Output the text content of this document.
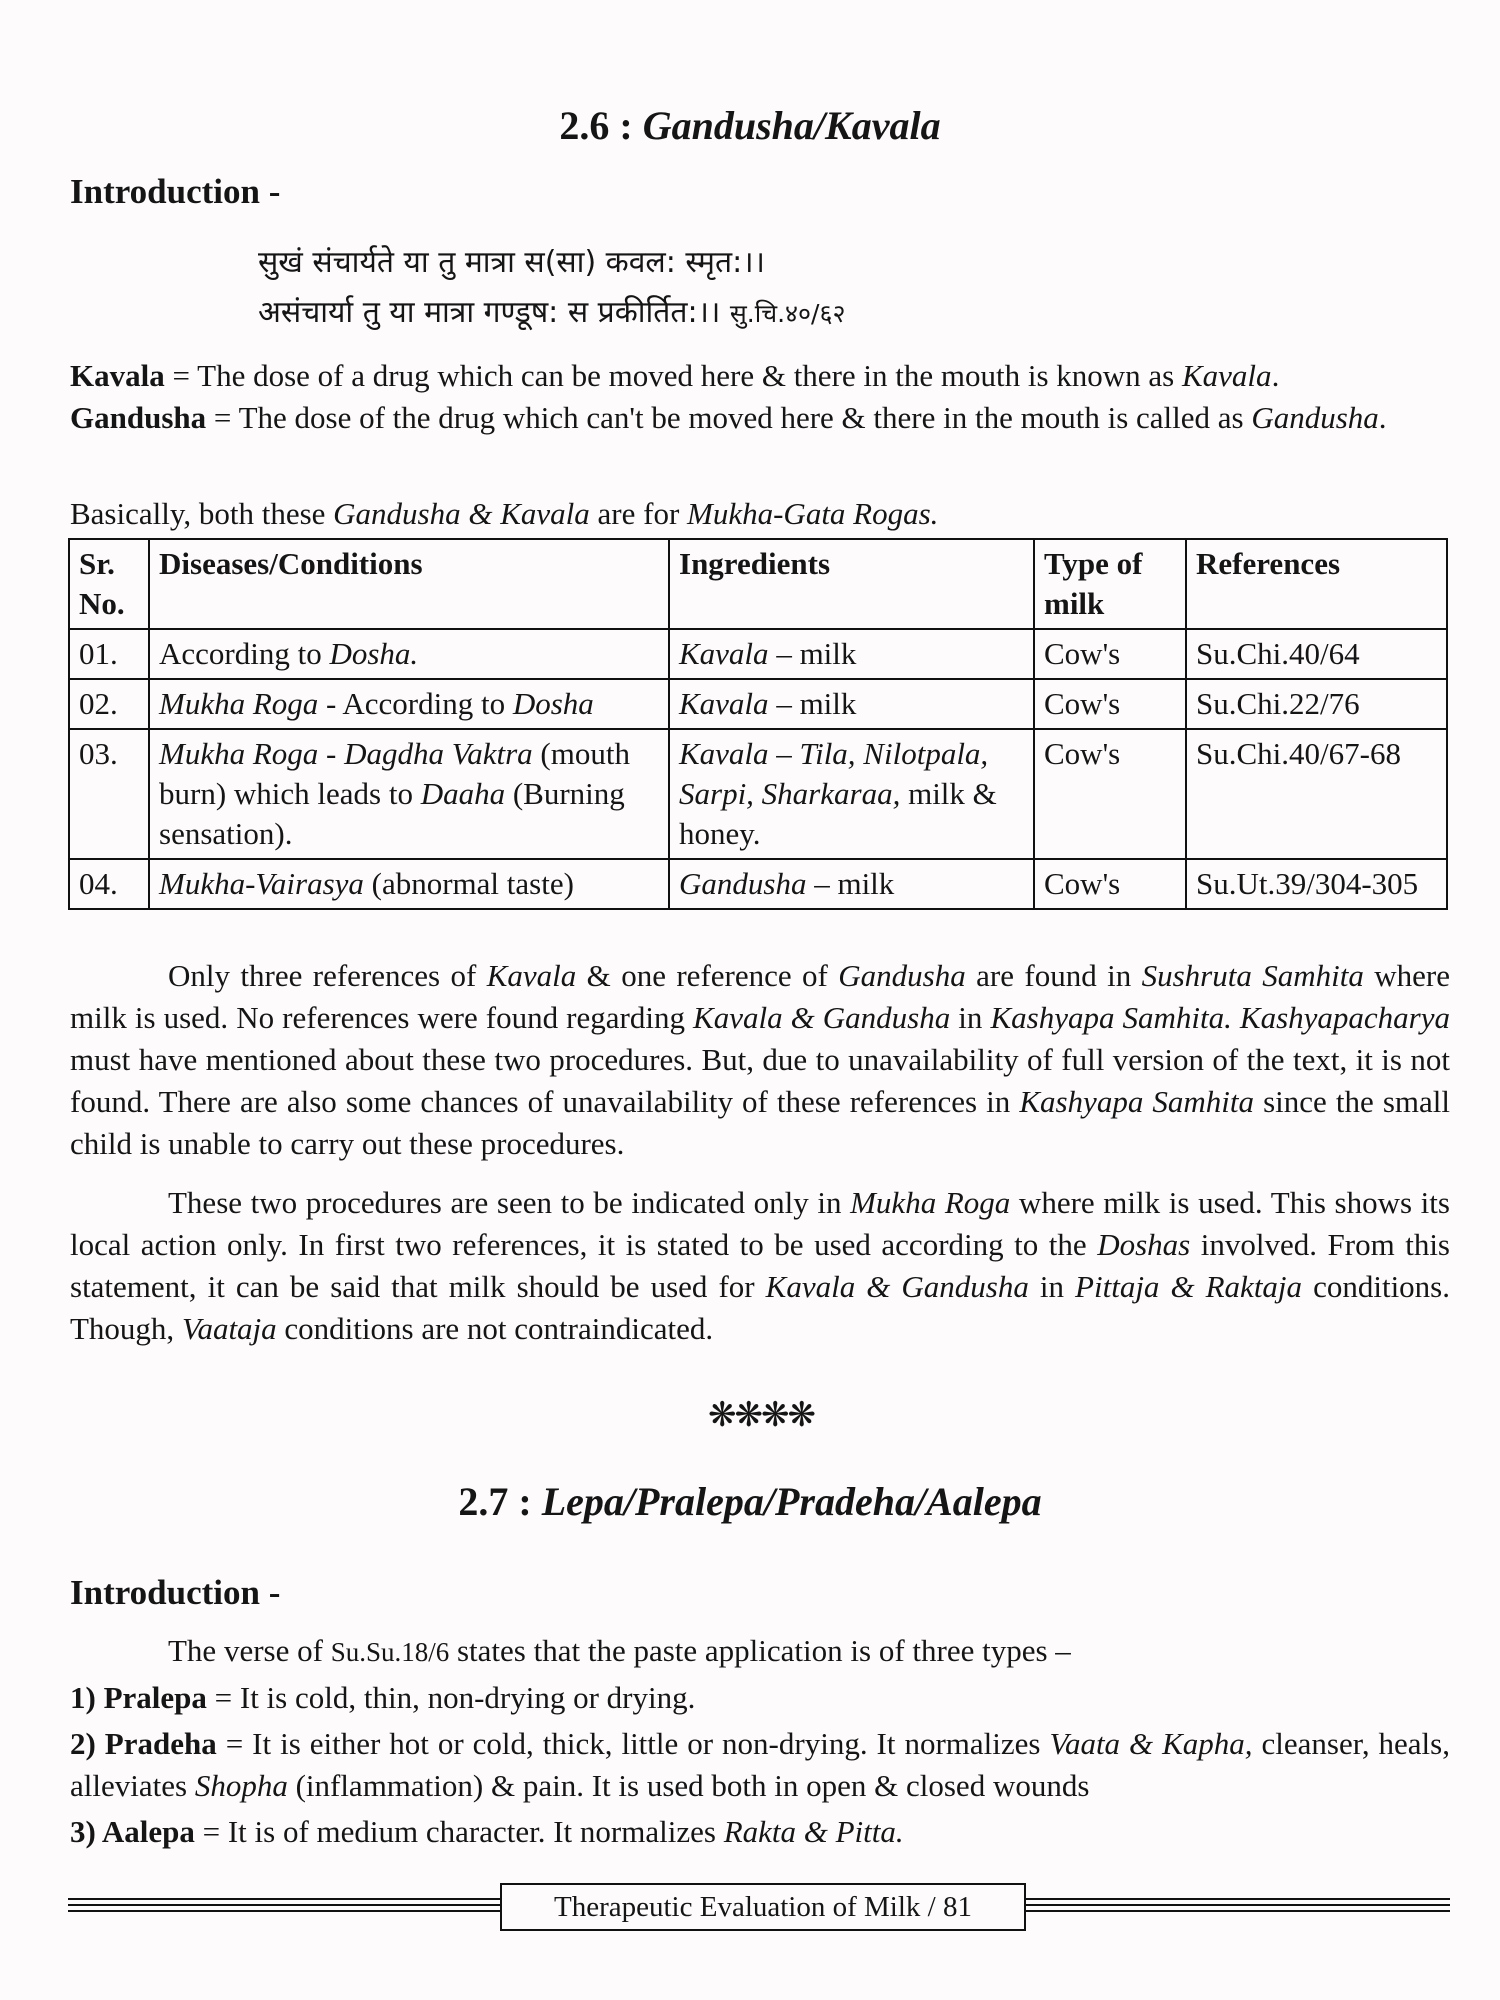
2.6 : Gandusha/Kavala
Introduction -
सुखं संचार्यते या तु मात्रा स(सा) कवल: स्मृत:।।
असंचार्या तु या मात्रा गण्डूष: स प्रकीर्तित:।। सु.चि.४०/६२
Kavala = The dose of a drug which can be moved here & there in the mouth is known as Kavala.
Gandusha = The dose of the drug which can't be moved here & there in the mouth is called as Gandusha.
Basically, both these Gandusha & Kavala are for Mukha-Gata Rogas.
Sr. No.	Diseases/Conditions	Ingredients	Type of milk	References
01.	According to Dosha.	Kavala – milk	Cow's	Su.Chi.40/64
02.	Mukha Roga - According to Dosha	Kavala – milk	Cow's	Su.Chi.22/76
03.	Mukha Roga - Dagdha Vaktra (mouth burn) which leads to Daaha (Burning sensation).	Kavala – Tila, Nilotpala, Sarpi, Sharkaraa, milk & honey.	Cow's	Su.Chi.40/67-68
04.	Mukha-Vairasya (abnormal taste)	Gandusha – milk	Cow's	Su.Ut.39/304-305
Only three references of Kavala & one reference of Gandusha are found in Sushruta Samhita where milk is used. No references were found regarding Kavala & Gandusha in Kashyapa Samhita. Kashyapacharya must have mentioned about these two procedures. But, due to unavailability of full version of the text, it is not found. There are also some chances of unavailability of these references in Kashyapa Samhita since the small child is unable to carry out these procedures.
These two procedures are seen to be indicated only in Mukha Roga where milk is used. This shows its local action only. In first two references, it is stated to be used according to the Doshas involved. From this statement, it can be said that milk should be used for Kavala & Gandusha in Pittaja & Raktaja conditions. Though, Vaataja conditions are not contraindicated.
❋❋❋❋
2.7 : Lepa/Pralepa/Pradeha/Aalepa
Introduction -
The verse of Su.Su.18/6 states that the paste application is of three types –
1) Pralepa = It is cold, thin, non-drying or drying.
2) Pradeha = It is either hot or cold, thick, little or non-drying. It normalizes Vaata & Kapha, cleanser, heals, alleviates Shopha (inflammation) & pain. It is used both in open & closed wounds
3) Aalepa = It is of medium character. It normalizes Rakta & Pitta.
Therapeutic Evaluation of Milk / 81
